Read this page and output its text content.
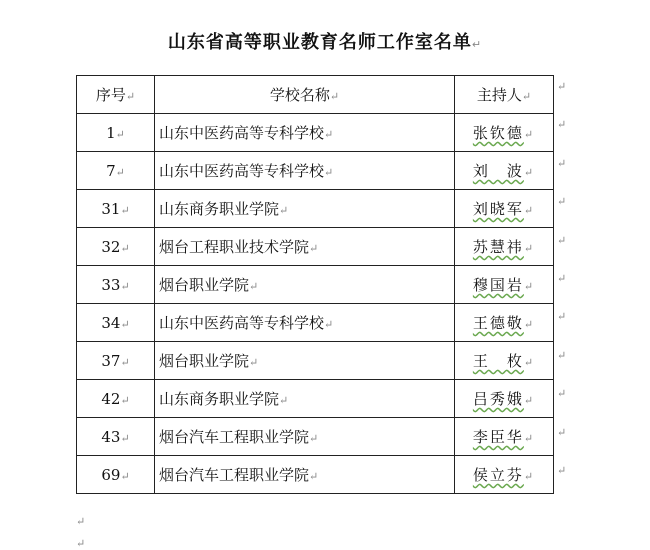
山东省高等职业教育名师工作室名单↵
序号↵	学校名称↵	主持人↵
1↵	山东中医药高等专科学校↵	张钦德↵
7↵	山东中医药高等专科学校↵	刘　波↵
31↵	山东商务职业学院↵	刘晓军↵
32↵	烟台工程职业技术学院↵	苏慧祎↵
33↵	烟台职业学院↵	穆国岩↵
34↵	山东中医药高等专科学校↵	王德敬↵
37↵	烟台职业学院↵	王　枚↵
42↵	山东商务职业学院↵	吕秀娥↵
43↵	烟台汽车工程职业学院↵	李臣华↵
69↵	烟台汽车工程职业学院↵	侯立芬↵
↵
↵
↵
↵
↵
↵
↵
↵
↵
↵
↵
↵
↵
